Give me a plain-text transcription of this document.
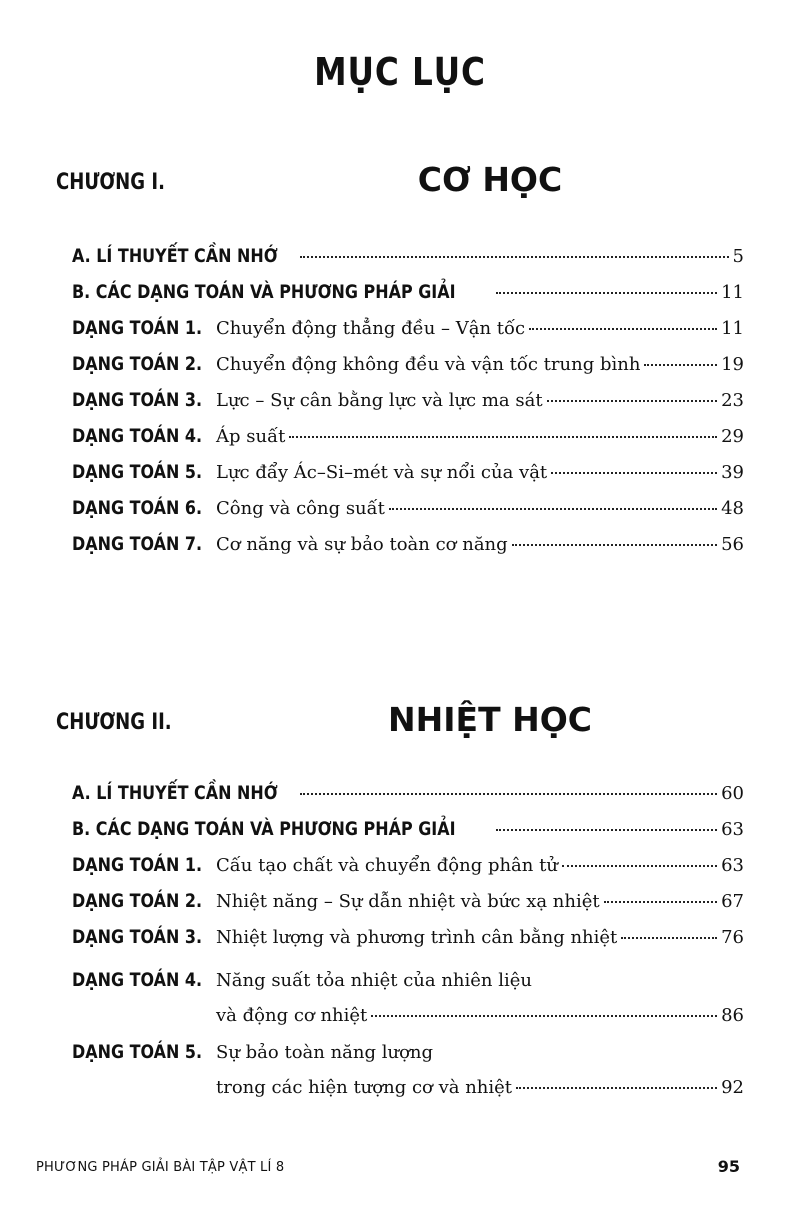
MỤC LỤC
CHƯƠNG I.	CƠ HỌC
A. LÍ THUYẾT CẦN NHỚ	5
B. CÁC DẠNG TOÁN VÀ PHƯƠNG PHÁP GIẢI	11
DẠNG TOÁN 1. Chuyển động thẳng đều – Vận tốc	11
DẠNG TOÁN 2. Chuyển động không đều và vận tốc trung bình	19
DẠNG TOÁN 3. Lực – Sự cân bằng lực và lực ma sát	23
DẠNG TOÁN 4. Áp suất	29
DẠNG TOÁN 5. Lực đẩy Ác–Si–mét và sự nổi của vật	39
DẠNG TOÁN 6. Công và công suất	48
DẠNG TOÁN 7. Cơ năng và sự bảo toàn cơ năng	56
CHƯƠNG II.	NHIỆT HỌC
A. LÍ THUYẾT CẦN NHỚ	60
B. CÁC DẠNG TOÁN VÀ PHƯƠNG PHÁP GIẢI	63
DẠNG TOÁN 1. Cấu tạo chất và chuyển động phân tử	63
DẠNG TOÁN 2. Nhiệt năng – Sự dẫn nhiệt và bức xạ nhiệt	67
DẠNG TOÁN 3. Nhiệt lượng và phương trình cân bằng nhiệt	76
DẠNG TOÁN 4. Năng suất tỏa nhiệt của nhiên liệu
và động cơ nhiệt	86
DẠNG TOÁN 5. Sự bảo toàn năng lượng
trong các hiện tượng cơ và nhiệt	92
PHƯƠNG PHÁP GIẢI BÀI TẬP VẬT LÍ 8	95
